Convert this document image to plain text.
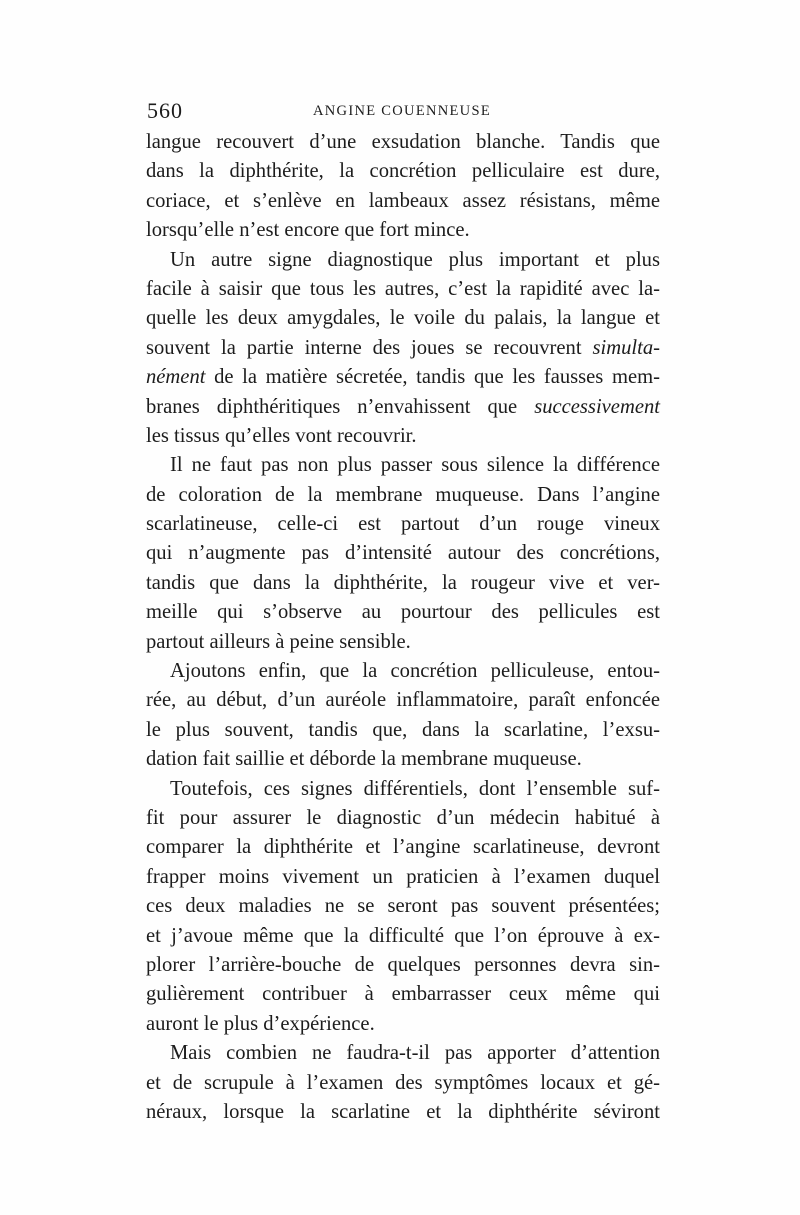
560	ANGINE COUENNEUSE
langue recouvert d’une exsudation blanche. Tandis que
dans la diphthérite, la concrétion pelliculaire est dure,
coriace, et s’enlève en lambeaux assez résistans, même
lorsqu’elle n’est encore que fort mince.
Un autre signe diagnostique plus important et plus
facile à saisir que tous les autres, c’est la rapidité avec la-
quelle les deux amygdales, le voile du palais, la langue et
souvent la partie interne des joues se recouvrent simulta-
nément de la matière sécretée, tandis que les fausses mem-
branes diphthéritiques n’envahissent que successivement
les tissus qu’elles vont recouvrir.
Il ne faut pas non plus passer sous silence la différence
de coloration de la membrane muqueuse. Dans l’angine
scarlatineuse, celle-ci est partout d’un rouge vineux
qui n’augmente pas d’intensité autour des concrétions,
tandis que dans la diphthérite, la rougeur vive et ver-
meille qui s’observe au pourtour des pellicules est
partout ailleurs à peine sensible.
Ajoutons enfin, que la concrétion pelliculeuse, entou-
rée, au début, d’un auréole inflammatoire, paraît enfoncée
le plus souvent, tandis que, dans la scarlatine, l’exsu-
dation fait saillie et déborde la membrane muqueuse.
Toutefois, ces signes différentiels, dont l’ensemble suf-
fit pour assurer le diagnostic d’un médecin habitué à
comparer la diphthérite et l’angine scarlatineuse, devront
frapper moins vivement un praticien à l’examen duquel
ces deux maladies ne se seront pas souvent présentées;
et j’avoue même que la difficulté que l’on éprouve à ex-
plorer l’arrière-bouche de quelques personnes devra sin-
gulièrement contribuer à embarrasser ceux même qui
auront le plus d’expérience.
Mais combien ne faudra-t-il pas apporter d’attention
et de scrupule à l’examen des symptômes locaux et gé-
néraux, lorsque la scarlatine et la diphthérite séviront
